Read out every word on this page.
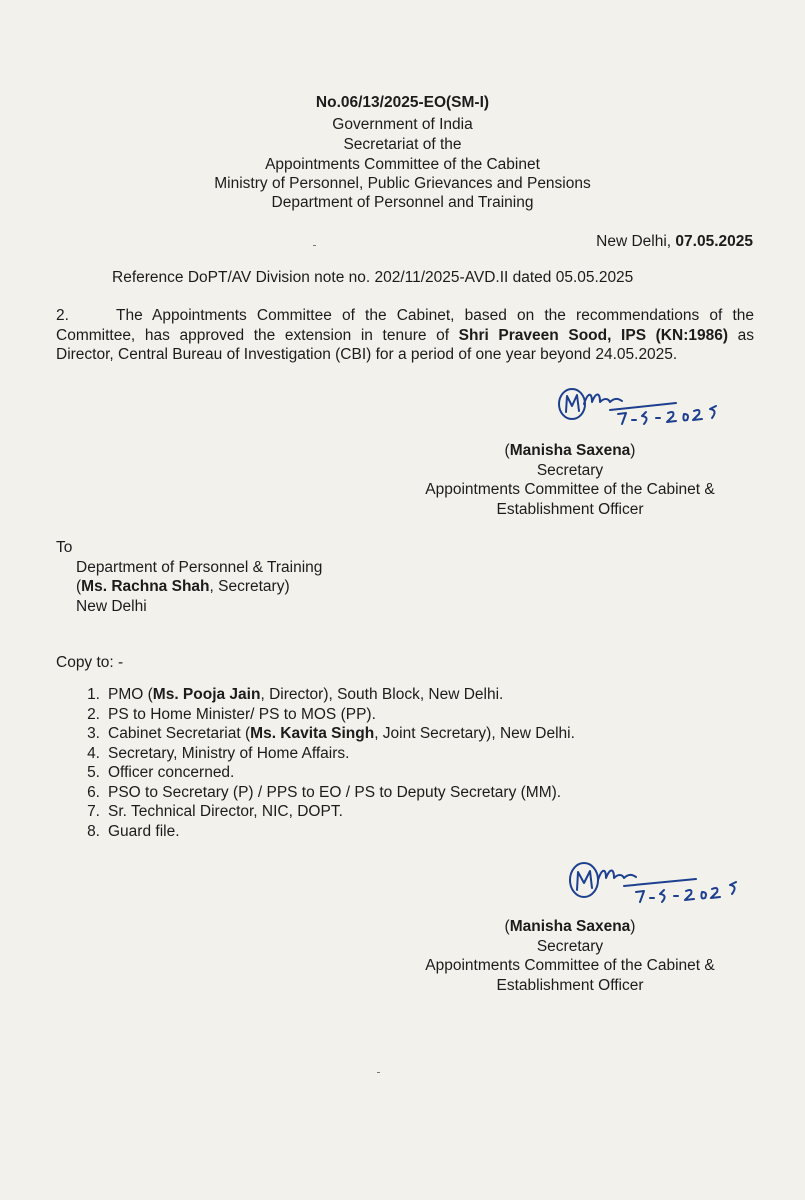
No.06/13/2025-EO(SM-I)
Government of India
Secretariat of the
Appointments Committee of the Cabinet
Ministry of Personnel, Public Grievances and Pensions
Department of Personnel and Training
New Delhi, 07.05.2025
Reference DoPT/AV Division note no. 202/11/2025-AVD.II dated 05.05.2025
2.	The Appointments Committee of the Cabinet, based on the recommendations of the
Committee, has approved the extension in tenure of Shri Praveen Sood, IPS (KN:1986) as
Director, Central Bureau of Investigation (CBI) for a period of one year beyond 24.05.2025.
(Manisha Saxena)
Secretary
Appointments Committee of the Cabinet &
Establishment Officer
To
Department of Personnel & Training
(Ms. Rachna Shah, Secretary)
New Delhi
Copy to: -
1. PMO (Ms. Pooja Jain, Director), South Block, New Delhi.
2. PS to Home Minister/ PS to MOS (PP).
3. Cabinet Secretariat (Ms. Kavita Singh, Joint Secretary), New Delhi.
4. Secretary, Ministry of Home Affairs.
5. Officer concerned.
6. PSO to Secretary (P) / PPS to EO / PS to Deputy Secretary (MM).
7. Sr. Technical Director, NIC, DOPT.
8. Guard file.
(Manisha Saxena)
Secretary
Appointments Committee of the Cabinet &
Establishment Officer
